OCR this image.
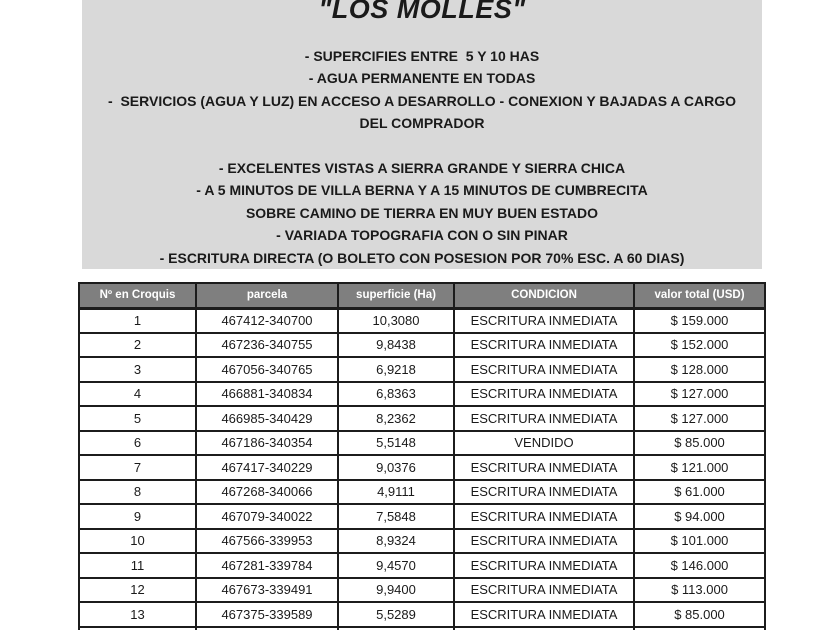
"LOS MOLLES"
- SUPERCIFIES ENTRE  5 Y 10 HAS
- AGUA PERMANENTE EN TODAS
-  SERVICIOS (AGUA Y LUZ) EN ACCESO A DESARROLLO - CONEXION Y BAJADAS A CARGO
DEL COMPRADOR
- EXCELENTES VISTAS A SIERRA GRANDE Y SIERRA CHICA
- A 5 MINUTOS DE VILLA BERNA Y A 15 MINUTOS DE CUMBRECITA
SOBRE CAMINO DE TIERRA EN MUY BUEN ESTADO
- VARIADA TOPOGRAFIA CON O SIN PINAR
- ESCRITURA DIRECTA (O BOLETO CON POSESION POR 70% ESC. A 60 DIAS)
Nº en Croquis	parcela	superficie (Ha)	CONDICION	valor total (USD)
1	467412-340700	10,3080	ESCRITURA INMEDIATA	$ 159.000
2	467236-340755	9,8438	ESCRITURA INMEDIATA	$ 152.000
3	467056-340765	6,9218	ESCRITURA INMEDIATA	$ 128.000
4	466881-340834	6,8363	ESCRITURA INMEDIATA	$ 127.000
5	466985-340429	8,2362	ESCRITURA INMEDIATA	$ 127.000
6	467186-340354	5,5148	VENDIDO	$ 85.000
7	467417-340229	9,0376	ESCRITURA INMEDIATA	$ 121.000
8	467268-340066	4,9111	ESCRITURA INMEDIATA	$ 61.000
9	467079-340022	7,5848	ESCRITURA INMEDIATA	$ 94.000
10	467566-339953	8,9324	ESCRITURA INMEDIATA	$ 101.000
11	467281-339784	9,4570	ESCRITURA INMEDIATA	$ 146.000
12	467673-339491	9,9400	ESCRITURA INMEDIATA	$ 113.000
13	467375-339589	5,5289	ESCRITURA INMEDIATA	$ 85.000
